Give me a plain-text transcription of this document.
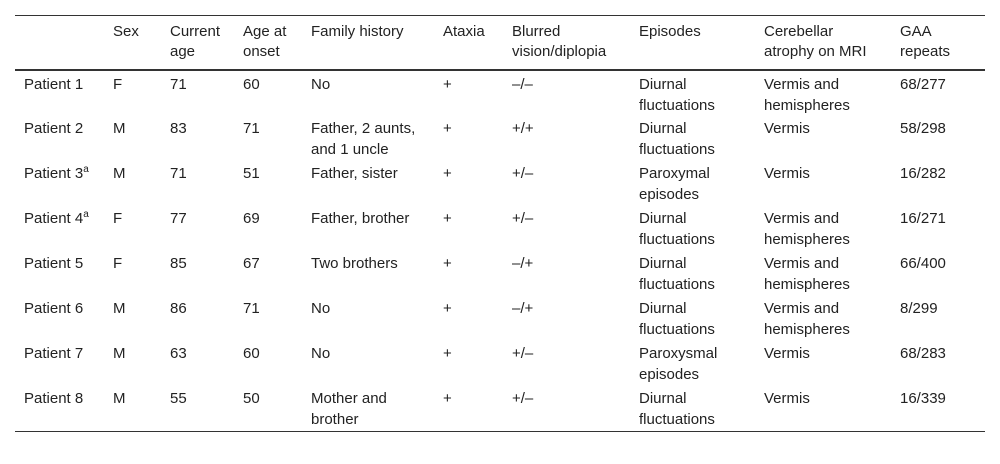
	Sex	Current age	Age at onset	Family history	Ataxia	Blurred vision/diplopia	Episodes	Cerebellar atrophy on MRI	GAA repeats
Patient 1	F	71	60	No	+	–/–	Diurnal fluctuations	Vermis and hemispheres	68/277
Patient 2	M	83	71	Father, 2 aunts, and 1 uncle	+	+/+	Diurnal fluctuations	Vermis	58/298
Patient 3$^a$	M	71	51	Father, sister	+	+/–	Paroxymal episodes	Vermis	16/282
Patient 4$^a$	F	77	69	Father, brother	+	+/–	Diurnal fluctuations	Vermis and hemispheres	16/271
Patient 5	F	85	67	Two brothers	+	–/+	Diurnal fluctuations	Vermis and hemispheres	66/400
Patient 6	M	86	71	No	+	–/+	Diurnal fluctuations	Vermis and hemispheres	8/299
Patient 7	M	63	60	No	+	+/–	Paroxysmal episodes	Vermis	68/283
Patient 8	M	55	50	Mother and brother	+	+/–	Diurnal fluctuations	Vermis	16/339
